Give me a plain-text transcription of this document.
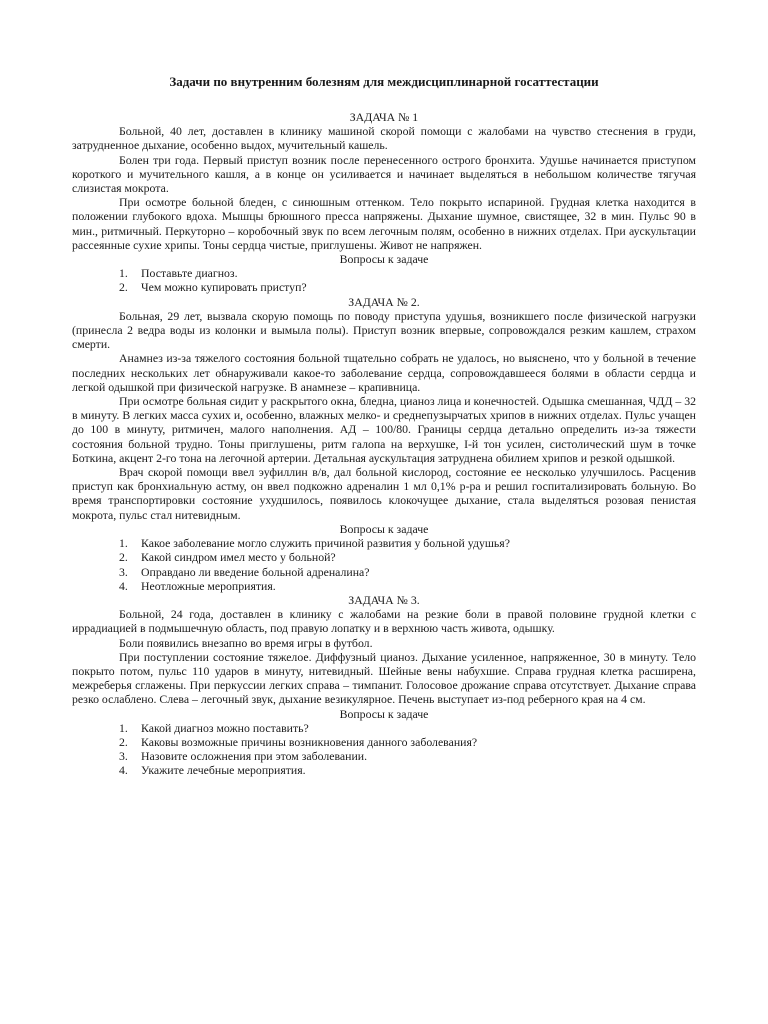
Задачи по внутренним болезням для междисциплинарной госаттестации
ЗАДАЧА № 1

Больной, 40 лет, доставлен в клинику машиной скорой помощи с жалобами на чувство стеснения в груди, затрудненное дыхание, особенно выдох, мучительный кашель.

Болен три года. Первый приступ возник после перенесенного острого бронхита. Удушье начинается приступом короткого и мучительного кашля, а в конце он усиливается и начинает выделяться в небольшом количестве тягучая слизистая мокрота.

При осмотре больной бледен, с синюшным оттенком. Тело покрыто испариной. Грудная клетка находится в положении глубокого вдоха. Мышцы брюшного пресса напряжены. Дыхание шумное, свистящее, 32 в мин. Пульс 90 в мин., ритмичный. Перкуторно – коробочный звук по всем легочным полям, особенно в нижних отделах. При аускультации рассеянные сухие хрипы. Тоны сердца чистые, приглушены. Живот не напряжен.

Вопросы к задаче
1. Поставьте диагноз.
2. Чем можно купировать приступ?
ЗАДАЧА № 2.

Больная, 29 лет, вызвала скорую помощь по поводу приступа удушья, возникшего после физической нагрузки (принесла 2 ведра воды из колонки и вымыла полы). Приступ возник впервые, сопровождался резким кашлем, страхом смерти.

Анамнез из-за тяжелого состояния больной тщательно собрать не удалось, но выяснено, что у больной в течение последних нескольких лет обнаруживали какое-то заболевание сердца, сопровождавшееся болями в области сердца и легкой одышкой при физической нагрузке. В анамнезе – крапивница.

При осмотре больная сидит у раскрытого окна, бледна, цианоз лица и конечностей. Одышка смешанная, ЧДД – 32 в минуту. В легких масса сухих и, особенно, влажных мелко- и среднепузырчатых хрипов в нижних отделах. Пульс учащен до 100 в минуту, ритмичен, малого наполнения. АД – 100/80. Границы сердца детально определить из-за тяжести состояния больной трудно. Тоны приглушены, ритм галопа на верхушке, I-й тон усилен, систолический шум в точке Боткина, акцент 2-го тона на легочной артерии. Детальная аускультация затруднена обилием хрипов и резкой одышкой.

Врач скорой помощи ввел эуфиллин в/в, дал больной кислород, состояние ее несколько улучшилось. Расценив приступ как бронхиальную астму, он ввел подкожно адреналин 1 мл 0,1% р-ра и решил госпитализировать больную. Во время транспортировки состояние ухудшилось, появилось клокочущее дыхание, стала выделяться розовая пенистая мокрота, пульс стал нитевидным.

Вопросы к задаче
1. Какое заболевание могло служить причиной развития у больной удушья?
2. Какой синдром имел место у больной?
3. Оправдано ли введение больной адреналина?
4. Неотложные мероприятия.
ЗАДАЧА № 3.

Больной, 24 года, доставлен в клинику с жалобами на резкие боли в правой половине грудной клетки с иррадиацией в подмышечную область, под правую лопатку и в верхнюю часть живота, одышку.

Боли появились внезапно во время игры в футбол.

При поступлении состояние тяжелое. Диффузный цианоз. Дыхание усиленное, напряженное, 30 в минуту. Тело покрыто потом, пульс 110 ударов в минуту, нитевидный. Шейные вены набухшие. Справа грудная клетка расширена, межреберья сглажены. При перкуссии легких справа – тимпанит. Голосовое дрожание справа отсутствует. Дыхание справа резко ослаблено. Слева – легочный звук, дыхание везикулярное. Печень выступает из-под реберного края на 4 см.

Вопросы к задаче
1. Какой диагноз можно поставить?
2. Каковы возможные причины возникновения данного заболевания?
3. Назовите осложнения при этом заболевании.
4. Укажите лечебные мероприятия.
